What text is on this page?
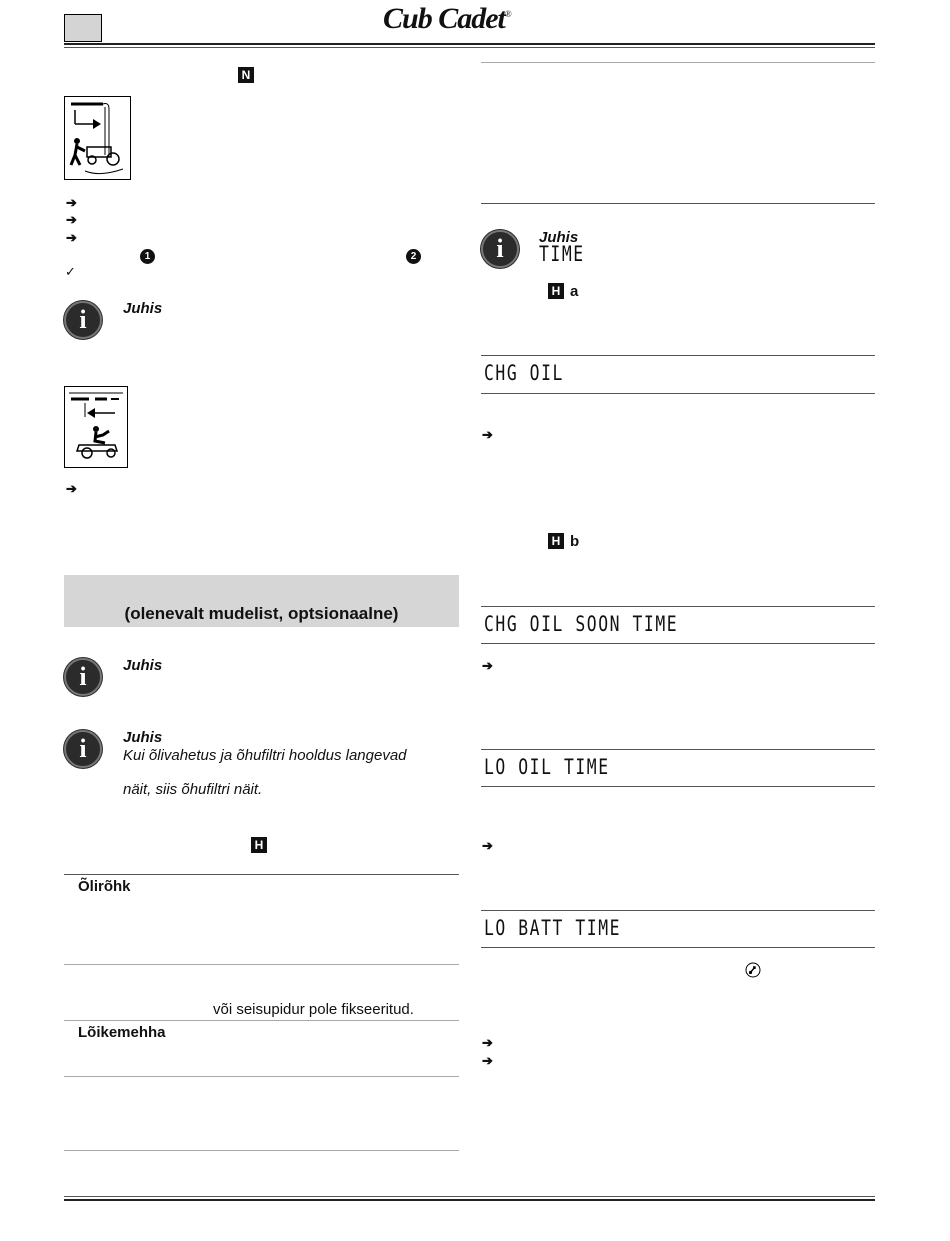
Cub Cadet®
N
➔
➔
➔
1	2
✓
i	Juhis
➔
(olenevalt mudelist, optsionaalne)
i	Juhis
i	Juhis
Kui õlivahetus ja õhufiltri hooldus langevad
näit, siis õhufiltri näit.
H
Õlirõhk
või seisupidur pole fikseeritud.
Lõikemehha
i	Juhis
TIME
H a
CHG OIL
➔
H b
CHG OIL SOON TIME
➔
LO OIL TIME
➔
LO BATT TIME
➔
➔
